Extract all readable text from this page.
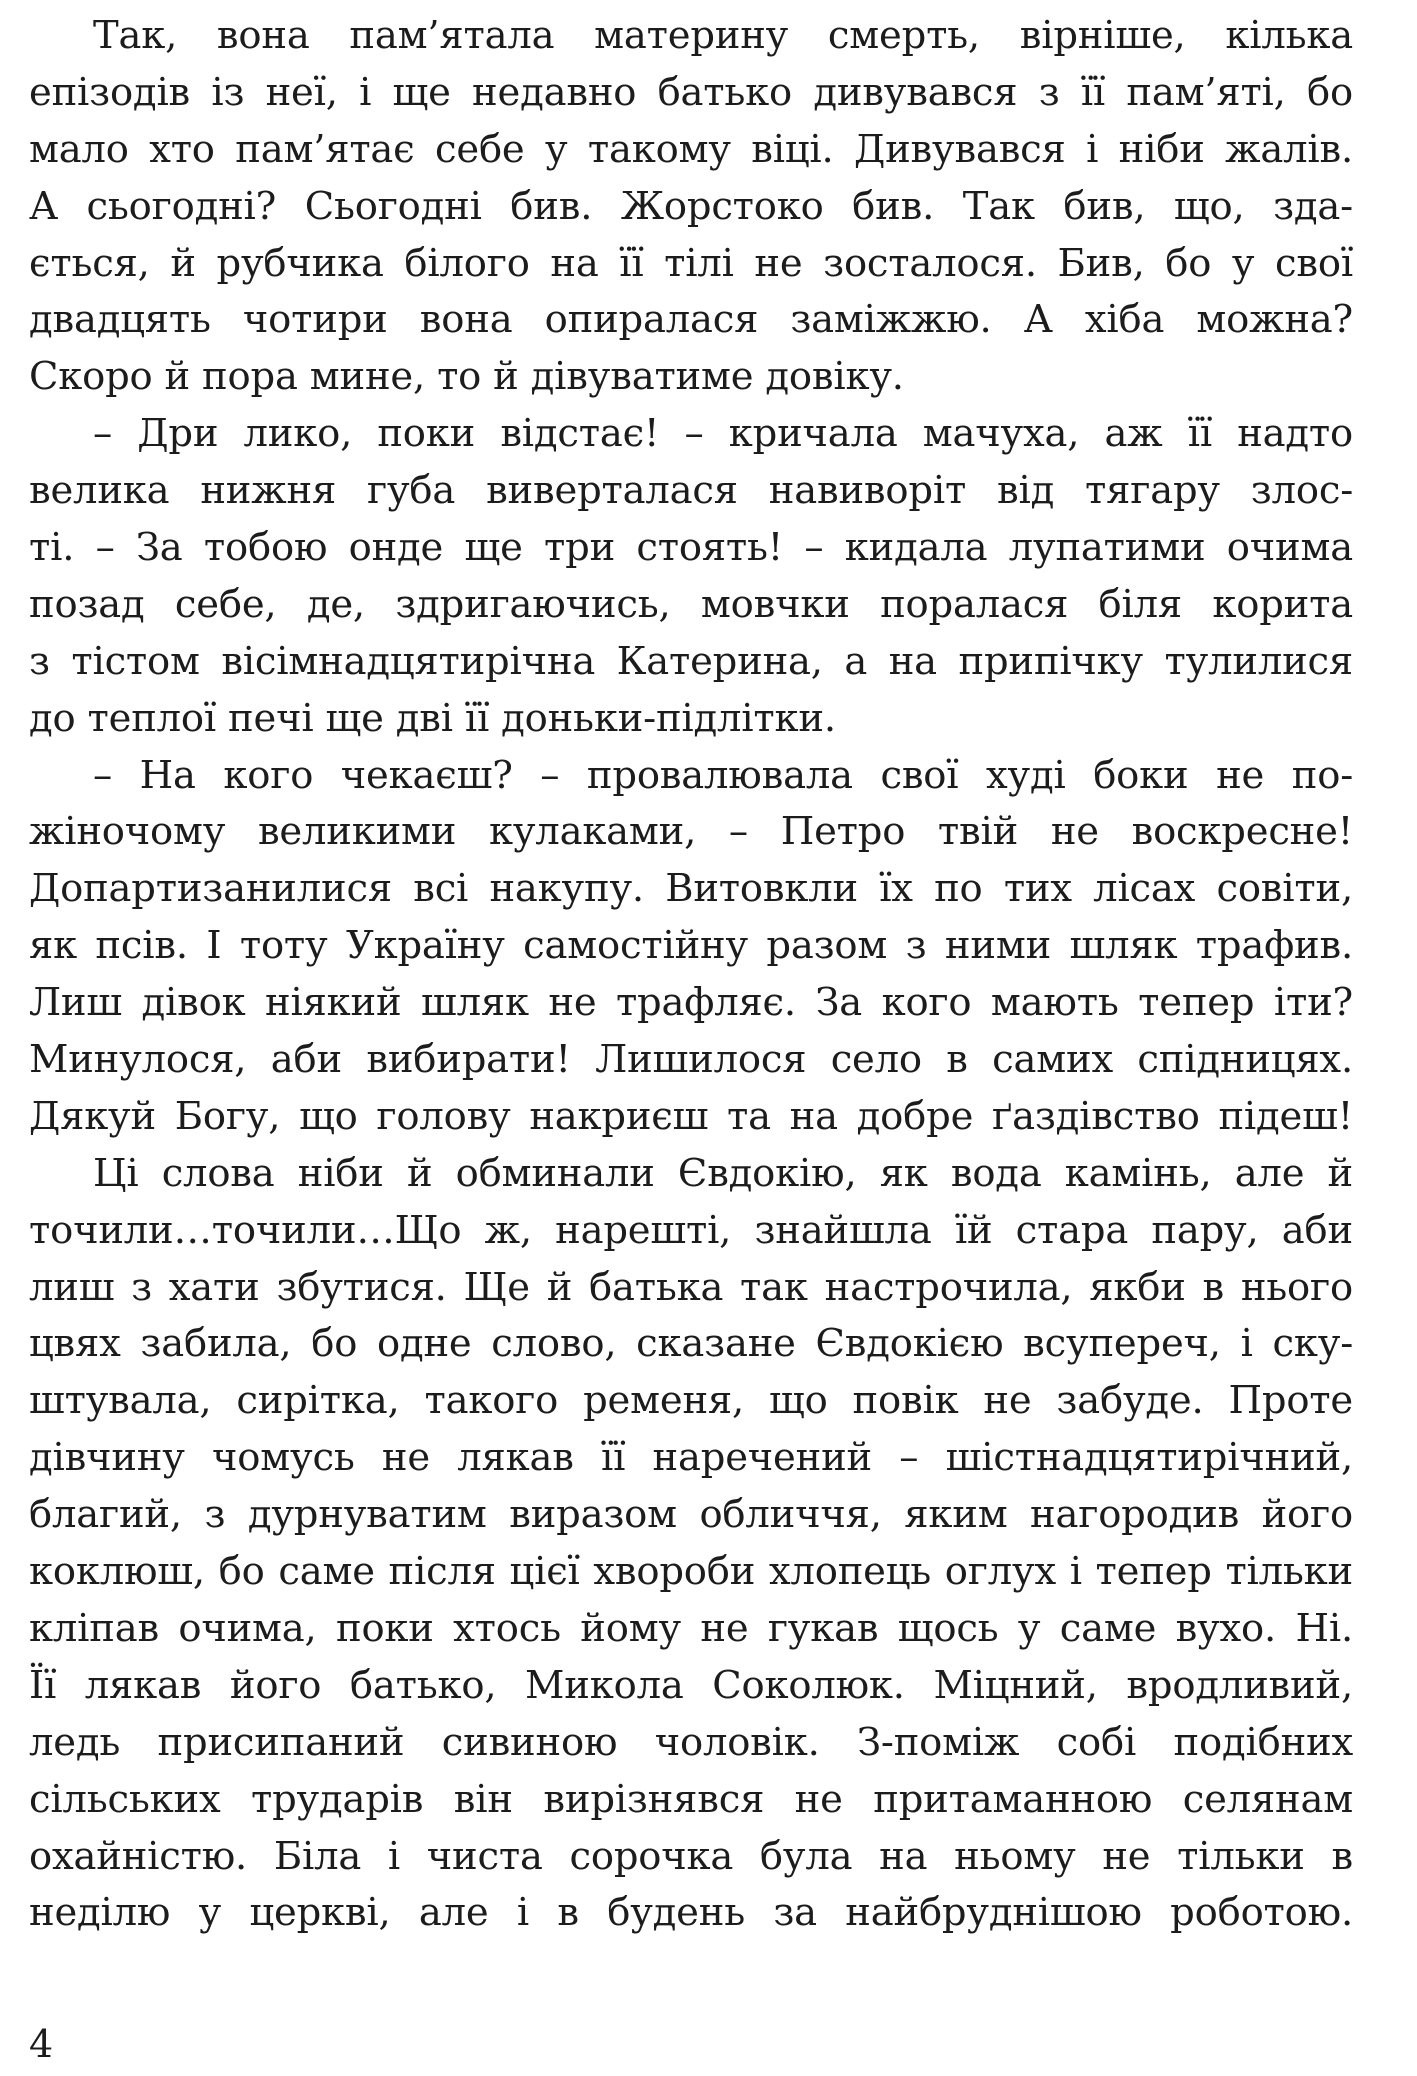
Так, вона пам’ятала материну смерть, вірніше, кілька
епізодів із неї, і ще недавно батько дивувався з її пам’яті, бо
мало хто пам’ятає себе у такому віці. Дивувався і ніби жалів.
А сьогодні? Сьогодні бив. Жорстоко бив. Так бив, що, зда-
ється, й рубчика білого на її тілі не зосталося. Бив, бо у свої
двадцять чотири вона опиралася заміжжю. А хіба можна?
Скоро й пора мине, то й дівуватиме довіку.
– Дри лико, поки відстає! – кричала мачуха, аж її надто
велика нижня губа виверталася навиворіт від тягару злос-
ті. – За тобою онде ще три стоять! – кидала лупатими очима
позад себе, де, здригаючись, мовчки поралася біля корита
з тістом вісімнадцятирічна Катерина, а на припічку тулилися
до теплої печі ще дві її доньки-підлітки.
– На кого чекаєш? – провалювала свої худі боки не по-
жіночому великими кулаками, – Петро твій не воскресне!
Допартизанилися всі накупу. Витовкли їх по тих лісах совіти,
як псів. І тоту Україну самостійну разом з ними шляк трафив.
Лиш дівок ніякий шляк не трафляє. За кого мають тепер іти?
Минулося, аби вибирати! Лишилося село в самих спідницях.
Дякуй Богу, що голову накриєш та на добре ґаздівство підеш!
Ці слова ніби й обминали Євдокію, як вода камінь, але й
точили…точили…Що ж, нарешті, знайшла їй стара пару, аби
лиш з хати збутися. Ще й батька так настрочила, якби в нього
цвях забила, бо одне слово, сказане Євдокією всупереч, і ску-
штувала, сирітка, такого ременя, що повік не забуде. Проте
дівчину чомусь не лякав її наречений – шістнадцятирічний,
благий, з дурнуватим виразом обличчя, яким нагородив його
коклюш, бо саме після цієї хвороби хлопець оглух і тепер тільки
кліпав очима, поки хтось йому не гукав щось у саме вухо. Ні.
Її лякав його батько, Микола Соколюк. Міцний, вродливий,
ледь присипаний сивиною чоловік. З-поміж собі подібних
сільських трударів він вирізнявся не притаманною селянам
охайністю. Біла і чиста сорочка була на ньому не тільки в
неділю у церкві, але і в будень за найбруднішою роботою.
4
